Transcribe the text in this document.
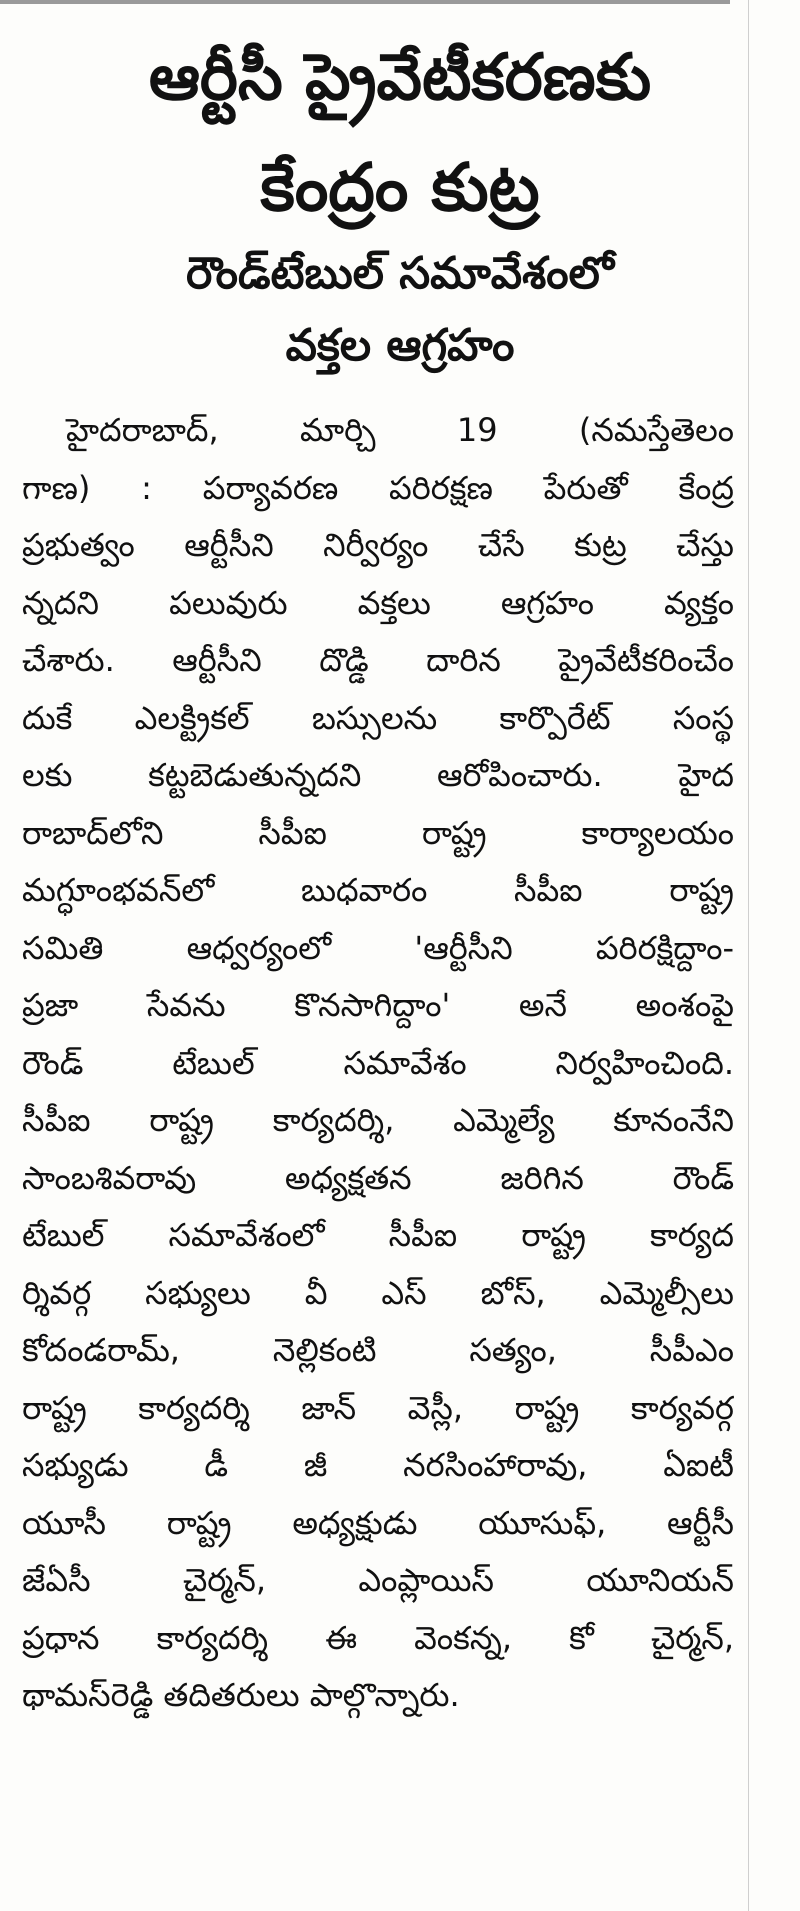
ఆర్టీసీ ప్రైవేటీకరణకు
కేంద్రం కుట్ర
రౌండ్‌టేబుల్ సమావేశంలో
వక్తల ఆగ్రహం
హైదరాబాద్, మార్చి 19 (నమస్తేతెలం
గాణ) : పర్యావరణ పరిరక్షణ పేరుతో కేంద్ర
ప్రభుత్వం ఆర్టీసీని నిర్వీర్యం చేసే కుట్ర చేస్తు
న్నదని పలువురు వక్తలు ఆగ్రహం వ్యక్తం
చేశారు. ఆర్టీసీని దొడ్డి దారిన ప్రైవేటీకరించేం
దుకే ఎలక్ట్రికల్ బస్సులను కార్పొరేట్ సంస్థ
లకు కట్టబెడుతున్నదని ఆరోపించారు. హైద
రాబాద్‌లోని సీపీఐ రాష్ట్ర కార్యాలయం
మగ్ధూంభవన్‌లో బుధవారం సీపీఐ రాష్ట్ర
సమితి ఆధ్వర్యంలో 'ఆర్టీసీని పరిరక్షిద్దాం-
ప్రజా సేవను కొనసాగిద్దాం' అనే అంశంపై
రౌండ్ టేబుల్ సమావేశం నిర్వహించింది.
సీపీఐ రాష్ట్ర కార్యదర్శి, ఎమ్మెల్యే కూనంనేని
సాంబశివరావు అధ్యక్షతన జరిగిన రౌండ్
టేబుల్ సమావేశంలో సీపీఐ రాష్ట్ర కార్యద
ర్శివర్గ సభ్యులు వీ ఎస్ బోస్, ఎమ్మెల్సీలు
కోదండరామ్, నెల్లికంటి సత్యం, సీపీఎం
రాష్ట్ర కార్యదర్శి జాన్ వెస్లీ, రాష్ట్ర కార్యవర్గ
సభ్యుడు డీ జీ నరసింహారావు, ఏఐటీ
యూసీ రాష్ట్ర అధ్యక్షుడు యూసుఫ్, ఆర్టీసీ
జేఏసీ చైర్మన్, ఎంప్లాయిస్ యూనియన్
ప్రధాన కార్యదర్శి ఈ వెంకన్న, కో చైర్మన్,
థామస్‌రెడ్డి తదితరులు పాల్గొన్నారు.
